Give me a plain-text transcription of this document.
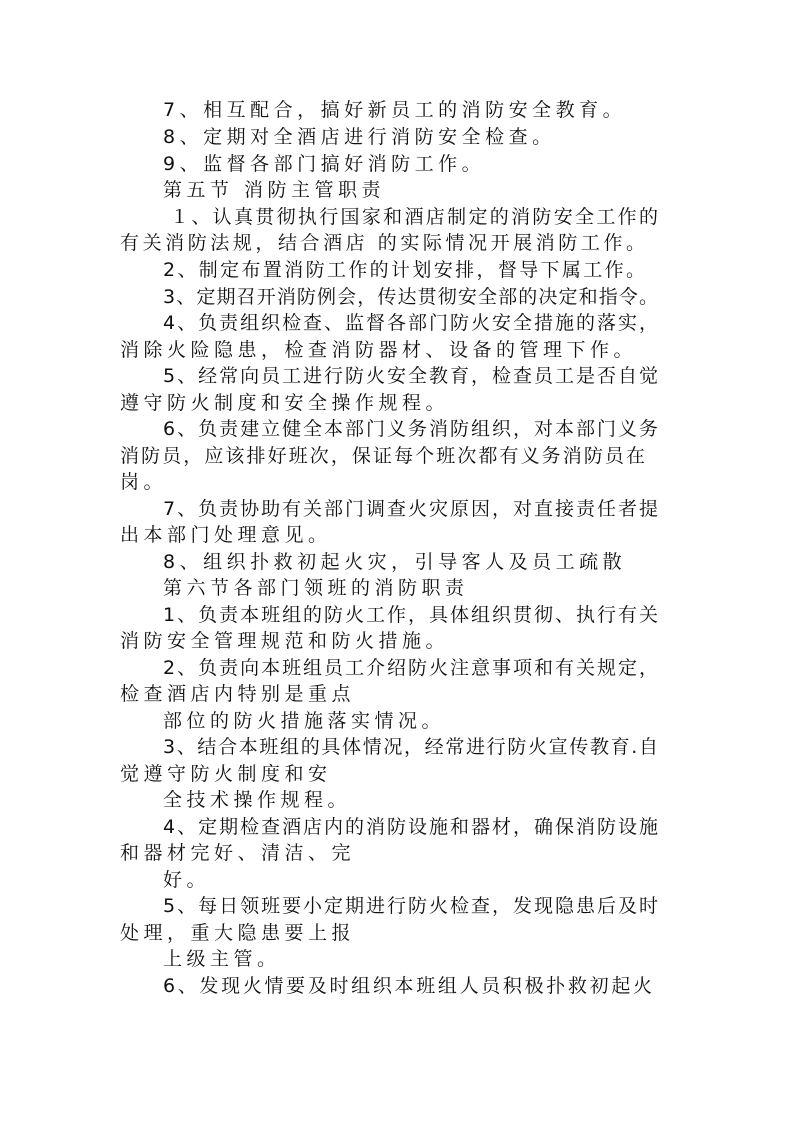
7、相互配合，搞好新员工的消防安全教育。
8、定期对全酒店进行消防安全检查。
9、监督各部门搞好消防工作。
第五节 消防主管职责
１、认真贯彻执行国家和酒店制定的消防安全工作的
有关消防法规，结合酒店 的实际情况开展消防工作。
2、制定布置消防工作的计划安排，督导下属工作。
3、定期召开消防例会，传达贯彻安全部的决定和指令。
4、负责组织检查、监督各部门防火安全措施的落实，
消除火险隐患，检查消防器材、设备的管理下作。
5、经常向员工进行防火安全教育，检查员工是否自觉
遵守防火制度和安全操作规程。
6、负责建立健全本部门义务消防组织，对本部门义务
消防员，应该排好班次，保证每个班次都有义务消防员在
岗。
7、负责协助有关部门调查火灾原因，对直接责任者提
出本部门处理意见。
8、组织扑救初起火灾，引导客人及员工疏散
第六节各部门领班的消防职责
1、负责本班组的防火工作，具体组织贯彻、执行有关
消防安全管理规范和防火措施。
2、负责向本班组员工介绍防火注意事项和有关规定，
检查酒店内特别是重点
部位的防火措施落实情况。
3、结合本班组的具体情况，经常进行防火宣传教育.自
觉遵守防火制度和安
全技术操作规程。
4、定期检查酒店内的消防设施和器材，确保消防设施
和器材完好、清洁、完
好。
5、每日领班要小定期进行防火检查，发现隐患后及时
处理，重大隐患要上报
上级主管。
6、发现火情要及时组织本班组人员积极扑救初起火
